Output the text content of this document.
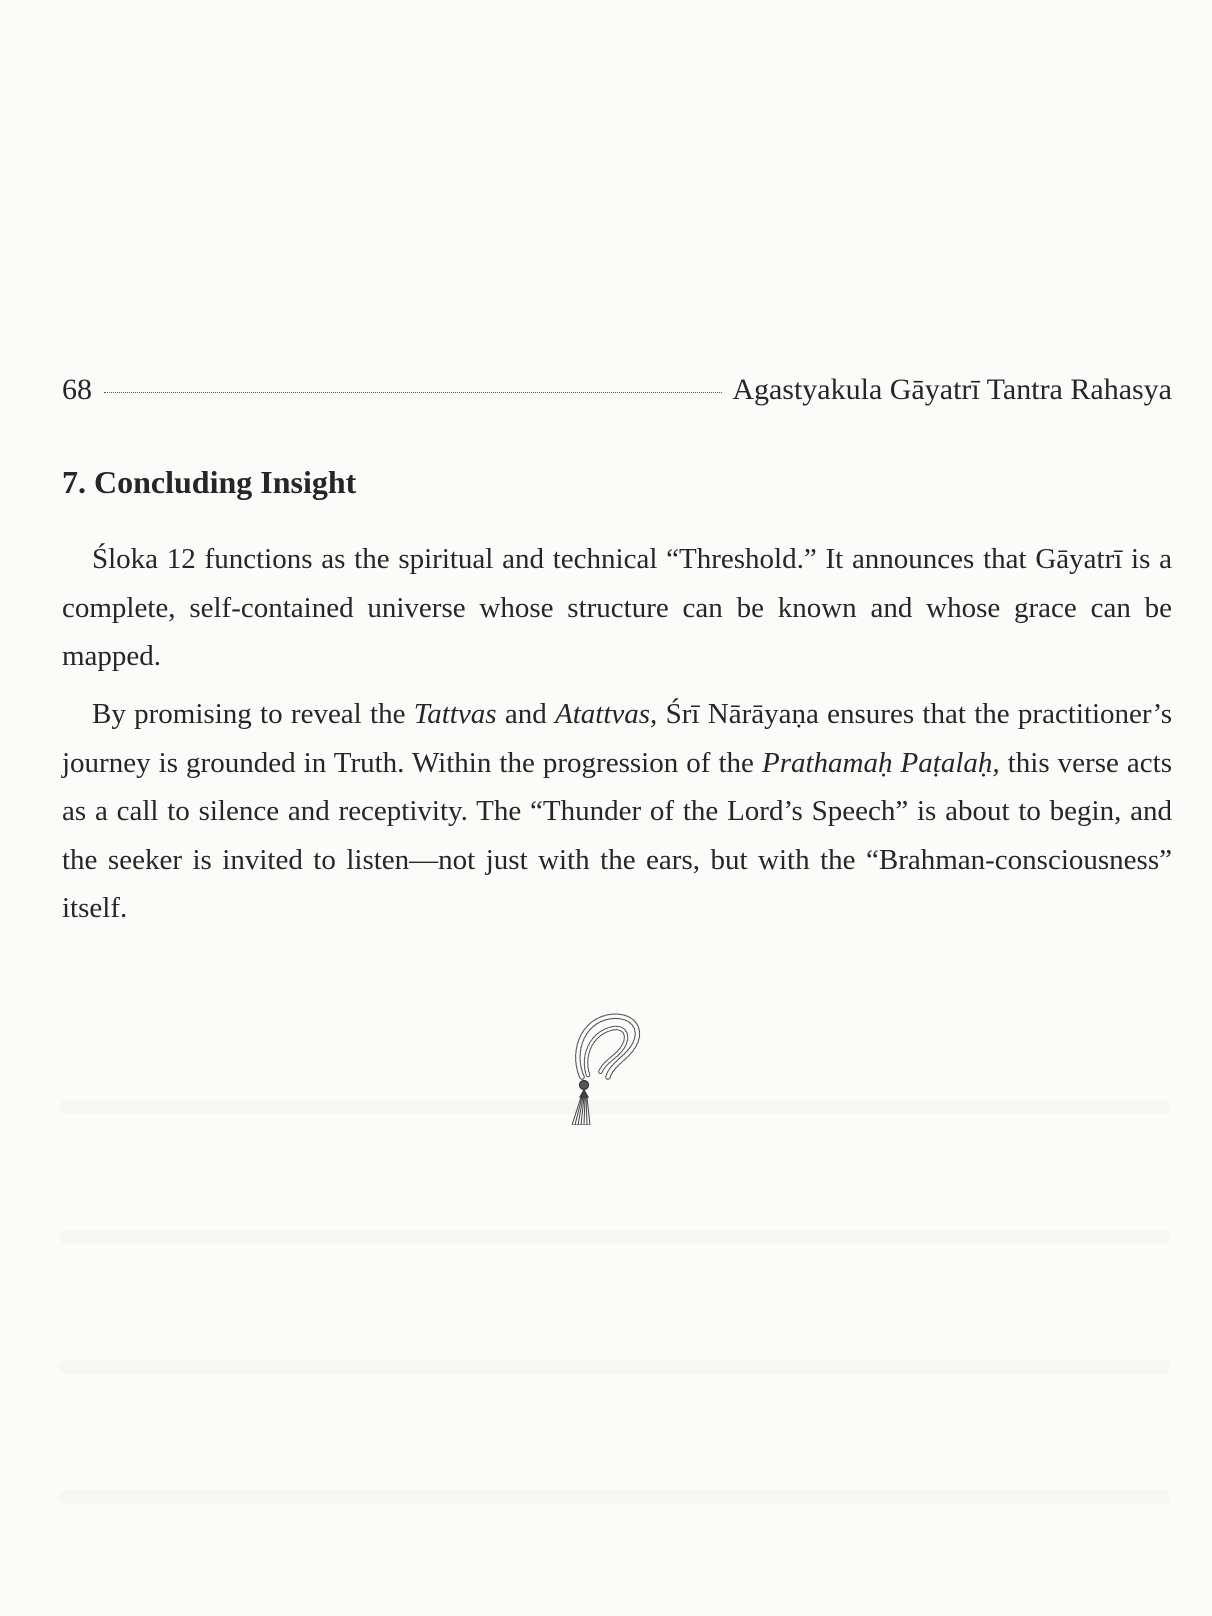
68	Agastyakula Gāyatrī Tantra Rahasya
7. Concluding Insight

Śloka 12 functions as the spiritual and technical “Threshold.” It announces that Gāyatrī is a complete, self-contained universe whose structure can be known and whose grace can be mapped.

By promising to reveal the Tattvas and Atattvas, Śrī Nārāyaṇa ensures that the practitioner’s journey is grounded in Truth. Within the progression of the Prathamaḥ Paṭalaḥ, this verse acts as a call to silence and receptivity. The “Thunder of the Lord’s Speech” is about to begin, and the seeker is invited to listen—not just with the ears, but with the “Brahman-consciousness” itself.
